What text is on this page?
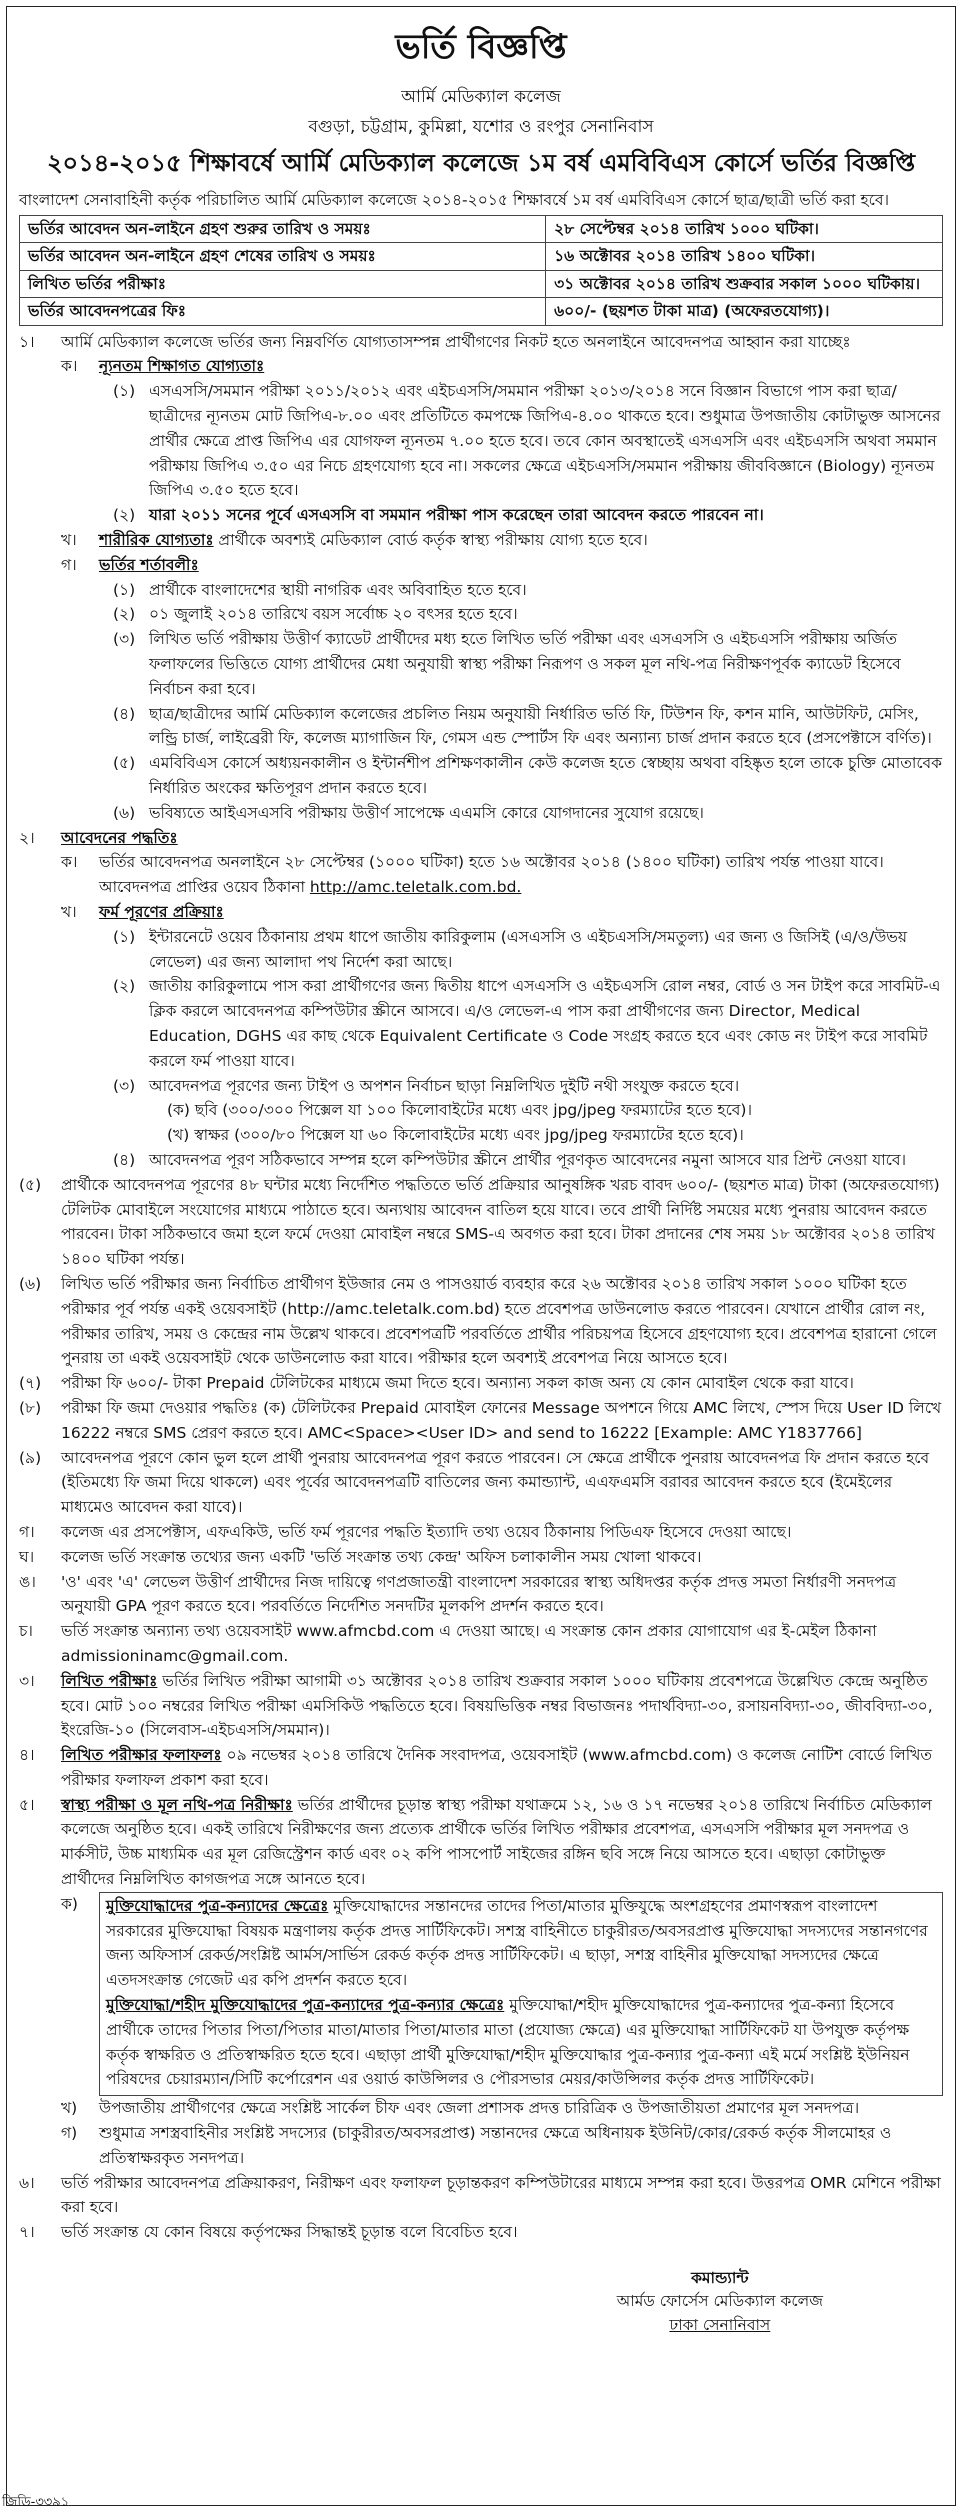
ভর্তি বিজ্ঞপ্তি
আর্মি মেডিক্যাল কলেজ
বগুড়া, চট্টগ্রাম, কুমিল্লা, যশোর ও রংপুর সেনানিবাস
২০১৪-২০১৫ শিক্ষাবর্ষে আর্মি মেডিক্যাল কলেজে ১ম বর্ষ এমবিবিএস কোর্সে ভর্তির বিজ্ঞপ্তি

বাংলাদেশ সেনাবাহিনী কর্তৃক পরিচালিত আর্মি মেডিক্যাল কলেজে ২০১৪-২০১৫ শিক্ষাবর্ষে ১ম বর্ষ এমবিবিএস কোর্সে ছাত্র/ছাত্রী ভর্তি করা হবে।

ভর্তির আবেদন অন-লাইনে গ্রহণ শুরুর তারিখ ও সময়ঃ	২৮ সেপ্টেম্বর ২০১৪ তারিখ ১০০০ ঘটিকা।
ভর্তির আবেদন অন-লাইনে গ্রহণ শেষের তারিখ ও সময়ঃ	১৬ অক্টোবর ২০১৪ তারিখ ১৪০০ ঘটিকা।
লিখিত ভর্তির পরীক্ষাঃ	৩১ অক্টোবর ২০১৪ তারিখ শুক্রবার সকাল ১০০০ ঘটিকায়।
ভর্তির আবেদনপত্রের ফিঃ	৬০০/- (ছয়শত টাকা মাত্র) (অফেরতযোগ্য)।
১।	আর্মি মেডিক্যাল কলেজে ভর্তির জন্য নিম্নবর্ণিত যোগ্যতাসম্পন্ন প্রার্থীগণের নিকট হতে অনলাইনে আবেদনপত্র আহ্বান করা যাচ্ছেঃ

ক।	ন্যূনতম শিক্ষাগত যোগ্যতাঃ

(১) এসএসসি/সমমান পরীক্ষা ২০১১/২০১২ এবং এইচএসসি/সমমান পরীক্ষা ২০১৩/২০১৪ সনে বিজ্ঞান বিভাগে পাস করা ছাত্র/ছাত্রীদের ন্যূনতম মোট জিপিএ-৮.০০ এবং প্রতিটিতে কমপক্ষে জিপিএ-৪.০০ থাকতে হবে। শুধুমাত্র উপজাতীয় কোটাভুক্ত আসনের প্রার্থীর ক্ষেত্রে প্রাপ্ত জিপিএ এর যোগফল ন্যূনতম ৭.০০ হতে হবে। তবে কোন অবস্থাতেই এসএসসি এবং এইচএসসি অথবা সমমান পরীক্ষায় জিপিএ ৩.৫০ এর নিচে গ্রহণযোগ্য হবে না। সকলের ক্ষেত্রে এইচএসসি/সমমান পরীক্ষায় জীববিজ্ঞানে (Biology) ন্যূনতম জিপিএ ৩.৫০ হতে হবে।
(২) যারা ২০১১ সনের পূর্বে এসএসসি বা সমমান পরীক্ষা পাস করেছেন তারা আবেদন করতে পারবেন না।
খ।	শারীরিক যোগ্যতাঃ প্রার্থীকে অবশ্যই মেডিক্যাল বোর্ড কর্তৃক স্বাস্থ্য পরীক্ষায় যোগ্য হতে হবে।
গ।	ভর্তির শর্তাবলীঃ

(১) প্রার্থীকে বাংলাদেশের স্থায়ী নাগরিক এবং অবিবাহিত হতে হবে।
(২) ০১ জুলাই ২০১৪ তারিখে বয়স সর্বোচ্চ ২০ বৎসর হতে হবে।
(৩) লিখিত ভর্তি পরীক্ষায় উত্তীর্ণ ক্যাডেট প্রার্থীদের মধ্য হতে লিখিত ভর্তি পরীক্ষা এবং এসএসসি ও এইচএসসি পরীক্ষায় অর্জিত ফলাফলের ভিত্তিতে যোগ্য প্রার্থীদের মেধা অনুযায়ী স্বাস্থ্য পরীক্ষা নিরূপণ ও সকল মূল নথি-পত্র নিরীক্ষণপূর্বক ক্যাডেট হিসেবে নির্বাচন করা হবে।
(৪) ছাত্র/ছাত্রীদের আর্মি মেডিক্যাল কলেজের প্রচলিত নিয়ম অনুযায়ী নির্ধারিত ভর্তি ফি, টিউশন ফি, কশন মানি, আউটফিট, মেসিং, লন্ড্রি চার্জ, লাইব্রেরী ফি, কলেজ ম্যাগাজিন ফি, গেমস এন্ড স্পোর্টস ফি এবং অন্যান্য চার্জ প্রদান করতে হবে (প্রসপেক্টাসে বর্ণিত)।
(৫) এমবিবিএস কোর্সে অধ্যয়নকালীন ও ইন্টার্নশীপ প্রশিক্ষণকালীন কেউ কলেজ হতে স্বেচ্ছায় অথবা বহিষ্কৃত হলে তাকে চুক্তি মোতাবেক নির্ধারিত অংকের ক্ষতিপূরণ প্রদান করতে হবে।
(৬) ভবিষ্যতে আইএসএসবি পরীক্ষায় উত্তীর্ণ সাপেক্ষে এএমসি কোরে যোগদানের সুযোগ রয়েছে।
২।	আবেদনের পদ্ধতিঃ

ক।	ভর্তির আবেদনপত্র অনলাইনে ২৮ সেপ্টেম্বর (১০০০ ঘটিকা) হতে ১৬ অক্টোবর ২০১৪ (১৪০০ ঘটিকা) তারিখ পর্যন্ত পাওয়া যাবে। আবেদনপত্র প্রাপ্তির ওয়েব ঠিকানা http://amc.teletalk.com.bd.
খ।	ফর্ম পূরণের প্রক্রিয়াঃ

(১) ইন্টারনেটে ওয়েব ঠিকানায় প্রথম ধাপে জাতীয় কারিকুলাম (এসএসসি ও এইচএসসি/সমতুল্য) এর জন্য ও জিসিই (এ/ও/উভয় লেভেল) এর জন্য আলাদা পথ নির্দেশ করা আছে।
(২) জাতীয় কারিকুলামে পাস করা প্রার্থীগণের জন্য দ্বিতীয় ধাপে এসএসসি ও এইচএসসি রোল নম্বর, বোর্ড ও সন টাইপ করে সাবমিট-এ ক্লিক করলে আবেদনপত্র কম্পিউটার স্ক্রীনে আসবে। এ/ও লেভেল-এ পাস করা প্রার্থীগণের জন্য Director, Medical Education, DGHS এর কাছ থেকে Equivalent Certificate ও Code সংগ্রহ করতে হবে এবং কোড নং টাইপ করে সাবমিট করলে ফর্ম পাওয়া যাবে।
(৩) আবেদনপত্র পূরণের জন্য টাইপ ও অপশন নির্বাচন ছাড়া নিম্নলিখিত দুইটি নথী সংযুক্ত করতে হবে।
(ক) ছবি (৩০০/৩০০ পিক্সেল যা ১০০ কিলোবাইটের মধ্যে এবং jpg/jpeg ফরম্যাটের হতে হবে)।
(খ) স্বাক্ষর (৩০০/৮০ পিক্সেল যা ৬০ কিলোবাইটের মধ্যে এবং jpg/jpeg ফরম্যাটের হতে হবে)।
(৪) আবেদনপত্র পূরণ সঠিকভাবে সম্পন্ন হলে কম্পিউটার স্ক্রীনে প্রার্থীর পূরণকৃত আবেদনের নমুনা আসবে যার প্রিন্ট নেওয়া যাবে।
(৫)	প্রার্থীকে আবেদনপত্র পূরণের ৪৮ ঘন্টার মধ্যে নির্দেশিত পদ্ধতিতে ভর্তি প্রক্রিয়ার আনুষঙ্গিক খরচ বাবদ ৬০০/- (ছয়শত মাত্র) টাকা (অফেরতযোগ্য) টেলিটক মোবাইলে সংযোগের মাধ্যমে পাঠাতে হবে। অন্যথায় আবেদন বাতিল হয়ে যাবে। তবে প্রার্থী নির্দিষ্ট সময়ের মধ্যে পুনরায় আবেদন করতে পারবেন। টাকা সঠিকভাবে জমা হলে ফর্মে দেওয়া মোবাইল নম্বরে SMS-এ অবগত করা হবে। টাকা প্রদানের শেষ সময় ১৮ অক্টোবর ২০১৪ তারিখ ১৪০০ ঘটিকা পর্যন্ত।
(৬)	লিখিত ভর্তি পরীক্ষার জন্য নির্বাচিত প্রার্থীগণ ইউজার নেম ও পাসওয়ার্ড ব্যবহার করে ২৬ অক্টোবর ২০১৪ তারিখ সকাল ১০০০ ঘটিকা হতে পরীক্ষার পূর্ব পর্যন্ত একই ওয়েবসাইট (http://amc.teletalk.com.bd) হতে প্রবেশপত্র ডাউনলোড করতে পারবেন। যেখানে প্রার্থীর রোল নং, পরীক্ষার তারিখ, সময় ও কেন্দ্রের নাম উল্লেখ থাকবে। প্রবেশপত্রটি পরবর্তিতে প্রার্থীর পরিচয়পত্র হিসেবে গ্রহণযোগ্য হবে। প্রবেশপত্র হারানো গেলে পুনরায় তা একই ওয়েবসাইট থেকে ডাউনলোড করা যাবে। পরীক্ষার হলে অবশ্যই প্রবেশপত্র নিয়ে আসতে হবে।
(৭)	পরীক্ষা ফি ৬০০/- টাকা Prepaid টেলিটকের মাধ্যমে জমা দিতে হবে। অন্যান্য সকল কাজ অন্য যে কোন মোবাইল থেকে করা যাবে।
(৮)	পরীক্ষা ফি জমা দেওয়ার পদ্ধতিঃ (ক) টেলিটকের Prepaid মোবাইল ফোনের Message অপশনে গিয়ে AMC লিখে, স্পেস দিয়ে User ID লিখে 16222 নম্বরে SMS প্রেরণ করতে হবে। AMC<Space><User ID> and send to 16222 [Example: AMC Y1837766]
(৯)	আবেদনপত্র পূরণে কোন ভুল হলে প্রার্থী পুনরায় আবেদনপত্র পূরণ করতে পারবেন। সে ক্ষেত্রে প্রার্থীকে পুনরায় আবেদনপত্র ফি প্রদান করতে হবে (ইতিমধ্যে ফি জমা দিয়ে থাকলে) এবং পূর্বের আবেদনপত্রটি বাতিলের জন্য কমান্ড্যান্ট, এএফএমসি বরাবর আবেদন করতে হবে (ইমেইলের মাধ্যমেও আবেদন করা যাবে)।
গ।	কলেজ এর প্রসপেক্টাস, এফএকিউ, ভর্তি ফর্ম পূরণের পদ্ধতি ইত্যাদি তথ্য ওয়েব ঠিকানায় পিডিএফ হিসেবে দেওয়া আছে।
ঘ।	কলেজ ভর্তি সংক্রান্ত তথ্যের জন্য একটি 'ভর্তি সংক্রান্ত তথ্য কেন্দ্র' অফিস চলাকালীন সময় খোলা থাকবে।
ঙ।	'ও' এবং 'এ' লেভেল উত্তীর্ণ প্রার্থীদের নিজ দায়িত্বে গণপ্রজাতন্ত্রী বাংলাদেশ সরকারের স্বাস্থ্য অধিদপ্তর কর্তৃক প্রদত্ত সমতা নির্ধারণী সনদপত্র অনুযায়ী GPA পূরণ করতে হবে। পরবর্তিতে নির্দেশিত সনদটির মূলকপি প্রদর্শন করতে হবে।
চ।	ভর্তি সংক্রান্ত অন্যান্য তথ্য ওয়েবসাইট www.afmcbd.com এ দেওয়া আছে। এ সংক্রান্ত কোন প্রকার যোগাযোগ এর ই-মেইল ঠিকানা admissioninamc@gmail.com.
৩।	লিখিত পরীক্ষাঃ ভর্তির লিখিত পরীক্ষা আগামী ৩১ অক্টোবর ২০১৪ তারিখ শুক্রবার সকাল ১০০০ ঘটিকায় প্রবেশপত্রে উল্লেখিত কেন্দ্রে অনুষ্ঠিত হবে। মোট ১০০ নম্বরের লিখিত পরীক্ষা এমসিকিউ পদ্ধতিতে হবে। বিষয়ভিত্তিক নম্বর বিভাজনঃ পদার্থবিদ্যা-৩০, রসায়নবিদ্যা-৩০, জীববিদ্যা-৩০, ইংরেজি-১০ (সিলেবাস-এইচএসসি/সমমান)।
৪।	লিখিত পরীক্ষার ফলাফলঃ ০৯ নভেম্বর ২০১৪ তারিখে দৈনিক সংবাদপত্র, ওয়েবসাইট (www.afmcbd.com) ও কলেজ নোটিশ বোর্ডে লিখিত পরীক্ষার ফলাফল প্রকাশ করা হবে।
৫।	স্বাস্থ্য পরীক্ষা ও মূল নথি-পত্র নিরীক্ষাঃ ভর্তির প্রার্থীদের চূড়ান্ত স্বাস্থ্য পরীক্ষা যথাক্রমে ১২, ১৬ ও ১৭ নভেম্বর ২০১৪ তারিখে নির্বাচিত মেডিক্যাল কলেজে অনুষ্ঠিত হবে। একই তারিখে নিরীক্ষণের জন্য প্রত্যেক প্রার্থীকে ভর্তির লিখিত পরীক্ষার প্রবেশপত্র, এসএসসি পরীক্ষার মূল সনদপত্র ও মার্কসীট, উচ্চ মাধ্যমিক এর মূল রেজিস্ট্রেশন কার্ড এবং ০২ কপি পাসপোর্ট সাইজের রঙ্গিন ছবি সঙ্গে নিয়ে আসতে হবে। এছাড়া কোটাভুক্ত প্রার্থীদের নিম্নলিখিত কাগজপত্র সঙ্গে আনতে হবে।

ক)	মুক্তিযোদ্ধাদের পুত্র-কন্যাদের ক্ষেত্রেঃ মুক্তিযোদ্ধাদের সন্তানদের তাদের পিতা/মাতার মুক্তিযুদ্ধে অংশগ্রহণের প্রমাণস্বরূপ বাংলাদেশ সরকারের মুক্তিযোদ্ধা বিষয়ক মন্ত্রণালয় কর্তৃক প্রদত্ত সার্টিফিকেট। সশস্ত্র বাহিনীতে চাকুরীরত/অবসরপ্রাপ্ত মুক্তিযোদ্ধা সদস্যদের সন্তানগণের জন্য অফিসার্স রেকর্ড/সংশ্লিষ্ট আর্মস/সার্ভিস রেকর্ড কর্তৃক প্রদত্ত সার্টিফিকেট। এ ছাড়া, সশস্ত্র বাহিনীর মুক্তিযোদ্ধা সদস্যদের ক্ষেত্রে এতদসংক্রান্ত গেজেট এর কপি প্রদর্শন করতে হবে।

মুক্তিযোদ্ধা/শহীদ মুক্তিযোদ্ধাদের পুত্র-কন্যাদের পুত্র-কন্যার ক্ষেত্রেঃ মুক্তিযোদ্ধা/শহীদ মুক্তিযোদ্ধাদের পুত্র-কন্যাদের পুত্র-কন্যা হিসেবে প্রার্থীকে তাদের পিতার পিতা/পিতার মাতা/মাতার পিতা/মাতার মাতা (প্রযোজ্য ক্ষেত্রে) এর মুক্তিযোদ্ধা সার্টিফিকেট যা উপযুক্ত কর্তৃপক্ষ কর্তৃক স্বাক্ষরিত ও প্রতিস্বাক্ষরিত হতে হবে। এছাড়া প্রার্থী মুক্তিযোদ্ধা/শহীদ মুক্তিযোদ্ধার পুত্র-কন্যার পুত্র-কন্যা এই মর্মে সংশ্লিষ্ট ইউনিয়ন পরিষদের চেয়ারম্যান/সিটি কর্পোরেশন এর ওয়ার্ড কাউন্সিলর ও পৌরসভার মেয়র/কাউন্সিলর কর্তৃক প্রদত্ত সার্টিফিকেট।

খ)	উপজাতীয় প্রার্থীগণের ক্ষেত্রে সংশ্লিষ্ট সার্কেল চীফ এবং জেলা প্রশাসক প্রদত্ত চারিত্রিক ও উপজাতীয়তা প্রমাণের মূল সনদপত্র।
গ)	শুধুমাত্র সশস্ত্রবাহিনীর সংশ্লিষ্ট সদস্যের (চাকুরীরত/অবসরপ্রাপ্ত) সন্তানদের ক্ষেত্রে অধিনায়ক ইউনিট/কোর/রেকর্ড কর্তৃক সীলমোহর ও প্রতিস্বাক্ষরকৃত সনদপত্র।
৬।	ভর্তি পরীক্ষার আবেদনপত্র প্রক্রিয়াকরণ, নিরীক্ষণ এবং ফলাফল চূড়ান্তকরণ কম্পিউটারের মাধ্যমে সম্পন্ন করা হবে। উত্তরপত্র OMR মেশিনে পরীক্ষা করা হবে।
৭।	ভর্তি সংক্রান্ত যে কোন বিষয়ে কর্তৃপক্ষের সিদ্ধান্তই চূড়ান্ত বলে বিবেচিত হবে।
কমান্ড্যান্ট
আর্মড ফোর্সেস মেডিক্যাল কলেজ
ঢাকা সেনানিবাস
জিডি-৩৩৯১
